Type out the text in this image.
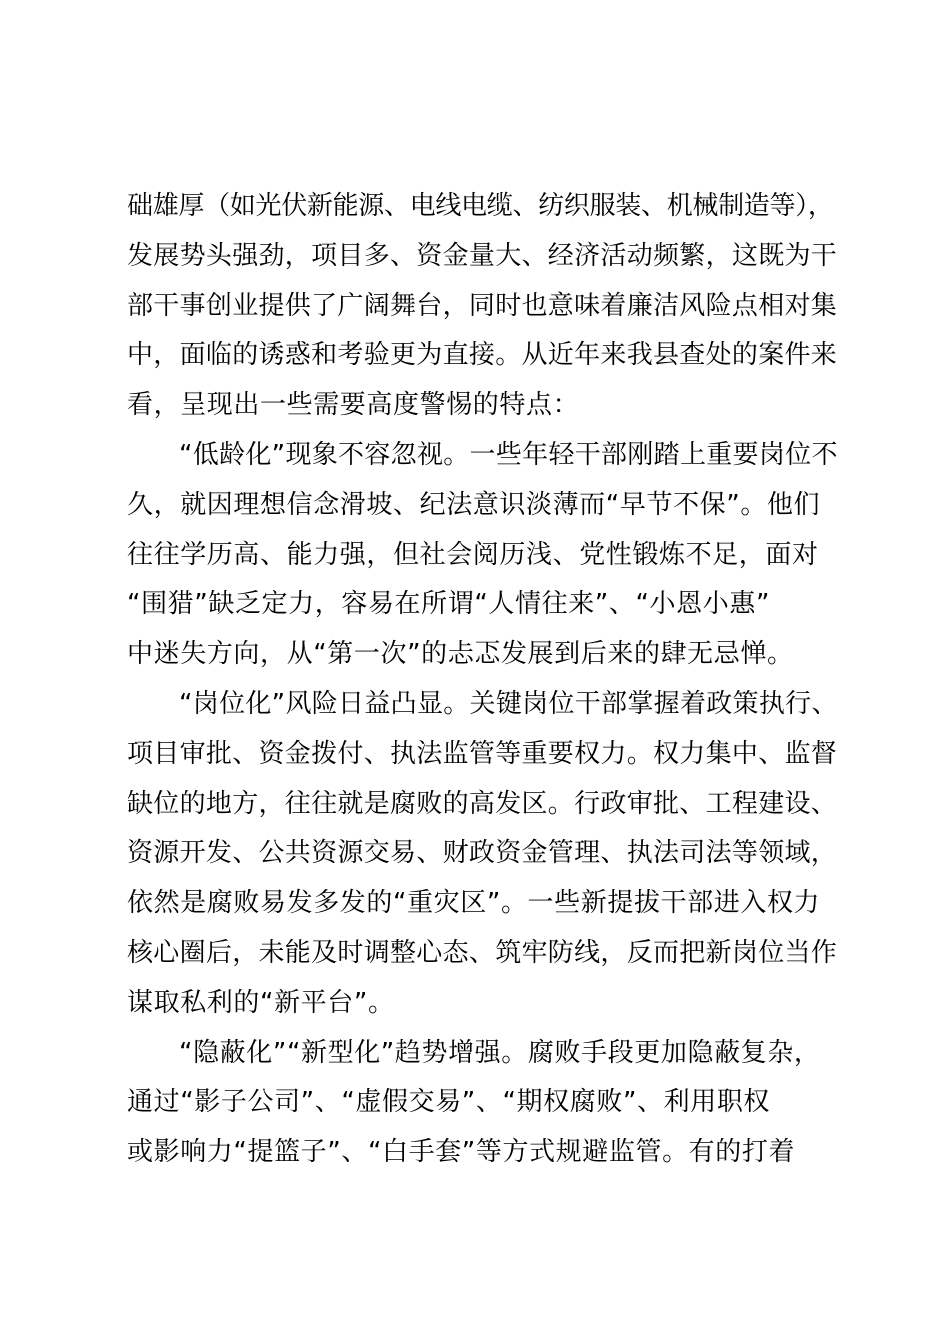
础雄厚（如光伏新能源、电线电缆、纺织服装、机械制造等），
发展势头强劲，项目多、资金量大、经济活动频繁，这既为干
部干事创业提供了广阔舞台，同时也意味着廉洁风险点相对集
中，面临的诱惑和考验更为直接。从近年来我县查处的案件来
看，呈现出一些需要高度警惕的特点：
“低龄化”现象不容忽视。一些年轻干部刚踏上重要岗位不
久，就因理想信念滑坡、纪法意识淡薄而“早节不保”。他们
往往学历高、能力强，但社会阅历浅、党性锻炼不足，面对
“围猎”缺乏定力，容易在所谓“人情往来”、“小恩小惠”
中迷失方向，从“第一次”的忐忑发展到后来的肆无忌惮。
“岗位化”风险日益凸显。关键岗位干部掌握着政策执行、
项目审批、资金拨付、执法监管等重要权力。权力集中、监督
缺位的地方，往往就是腐败的高发区。行政审批、工程建设、
资源开发、公共资源交易、财政资金管理、执法司法等领域，
依然是腐败易发多发的“重灾区”。一些新提拔干部进入权力
核心圈后，未能及时调整心态、筑牢防线，反而把新岗位当作
谋取私利的“新平台”。
“隐蔽化”“新型化”趋势增强。腐败手段更加隐蔽复杂，
通过“影子公司”、“虚假交易”、“期权腐败”、利用职权
或影响力“提篮子”、“白手套”等方式规避监管。有的打着
